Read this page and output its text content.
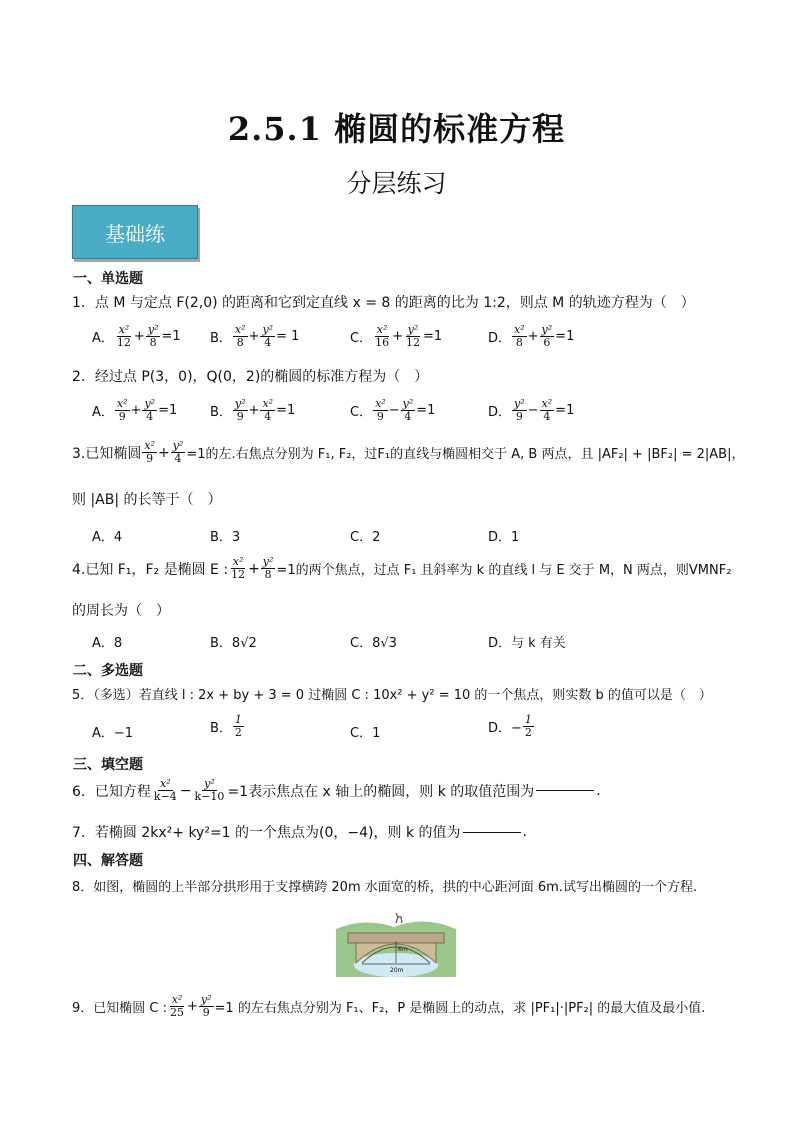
2.5.1 椭圆的标准方程
分层练习
基础练
一、单选题
1．点 M 与定点 F(2,0) 的距离和它到定直线 x = 8 的距离的比为 1:2，则点 M 的轨迹方程为（　）
A． $\frac{\text{x²}}{12} + \frac{\text{y²}}{8} =1$ B． $\frac{\text{x²}}{8} + \frac{\text{y²}}{4} = 1$	C． $\frac{\text{x²}}{16} + \frac{\text{y²}}{12} =1$	D． $\frac{\text{x²}}{8} + \frac{\text{y²}}{6} =1$
2．经过点 P(3，0)，Q(0，2)的椭圆的标准方程为（　）
A． $\frac{\text{x²}}{9} + \frac{\text{y²}}{4} =1$	B． $\frac{\text{y²}}{9} + \frac{\text{x²}}{4} =1$	C． $\frac{\text{x²}}{9} - \frac{\text{y²}}{4} =1$	D． $\frac{\text{y²}}{9} - \frac{\text{x²}}{4} =1$
3.已知椭圆 $\frac{\text{x²}}{9} + \frac{\text{y²}}{4} =1$的左.右焦点分别为 F₁, F₂，过F₁的直线与椭圆相交于 A, B 两点，且 |AF₂| + |BF₂| = 2|AB|，
则 |AB| 的长等于（　）
A．4	B．3	C．2	D．1
4.已知 F₁，F₂ 是椭圆 E : $\frac{\text{x²}}{12} + \frac{\text{y²}}{8} =1$的两个焦点，过点 F₁ 且斜率为 k 的直线 l 与 E 交于 M，N 两点，则VMNF₂
的周长为（　）
A．8	B．8√2	C．8√3	D．与 k 有关
二、多选题
5．（多选）若直线 l : 2x + by + 3 = 0 过椭圆 C : 10x² + y² = 10 的一个焦点，则实数 b 的值可以是（　）
A．−1	B． $\frac{1}{2}$	C．1	D．− $\frac{1}{2}$
三、填空题
6．已知方程 $\frac{\text{x²}}{k-4} - \frac{\text{y²}}{k-10} =1$表示焦点在 x 轴上的椭圆，则 k 的取值范围为	.
7．若椭圆 2kx²+ ky²=1 的一个焦点为(0，−4)，则 k 的值为	.
四、解答题
8．如图，椭圆的上半部分拱形用于支撑横跨 20m 水面宽的桥，拱的中心距河面 6m.试写出椭圆的一个方程.
6m
20m
9．已知椭圆 C : $\frac{\text{x²}}{25} + \frac{\text{y²}}{9} =1$ 的左右焦点分别为 F₁、F₂，P 是椭圆上的动点，求 |PF₁|·|PF₂| 的最大值及最小值.
